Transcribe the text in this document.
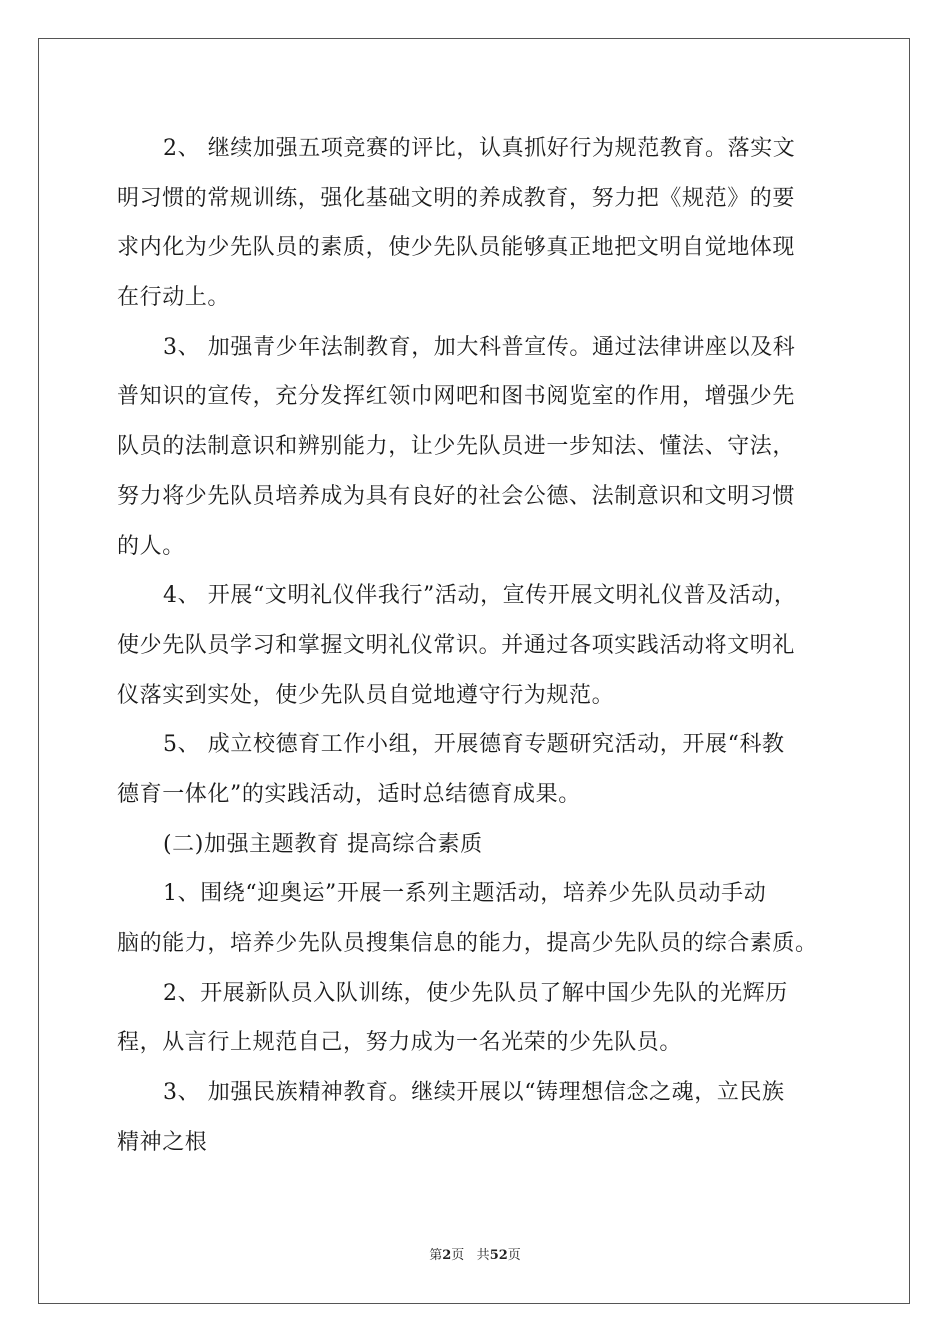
2、 继续加强五项竞赛的评比，认真抓好行为规范教育。落实文
明习惯的常规训练，强化基础文明的养成教育，努力把《规范》的要
求内化为少先队员的素质，使少先队员能够真正地把文明自觉地体现
在行动上。
3、 加强青少年法制教育，加大科普宣传。通过法律讲座以及科
普知识的宣传，充分发挥红领巾网吧和图书阅览室的作用，增强少先
队员的法制意识和辨别能力，让少先队员进一步知法、懂法、守法，
努力将少先队员培养成为具有良好的社会公德、法制意识和文明习惯
的人。
4、 开展“文明礼仪伴我行”活动，宣传开展文明礼仪普及活动，
使少先队员学习和掌握文明礼仪常识。并通过各项实践活动将文明礼
仪落实到实处，使少先队员自觉地遵守行为规范。
5、 成立校德育工作小组，开展德育专题研究活动，开展“科教
德育一体化”的实践活动，适时总结德育成果。
(二)加强主题教育 提高综合素质
1、围绕“迎奥运”开展一系列主题活动，培养少先队员动手动
脑的能力，培养少先队员搜集信息的能力，提高少先队员的综合素质。
2、开展新队员入队训练，使少先队员了解中国少先队的光辉历
程，从言行上规范自己，努力成为一名光荣的少先队员。
3、 加强民族精神教育。继续开展以“铸理想信念之魂，立民族
精神之根
第2页 共52页
